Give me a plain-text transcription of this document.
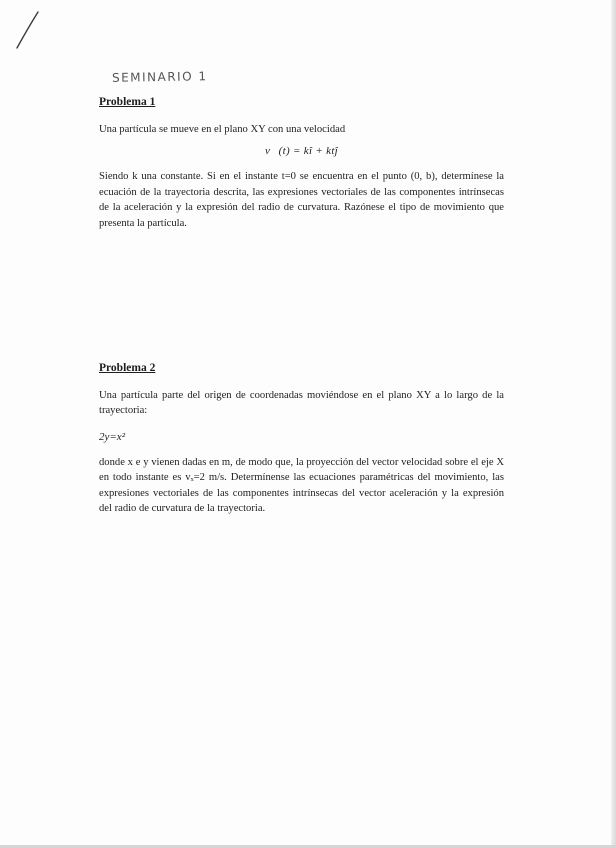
SEMINARIO 1

Problema 1

Una partícula se mueve en el plano XY con una velocidad

v⃗(t) = kî + ktĵ

Siendo k una constante. Si en el instante t=0 se encuentra en el punto (0, b), determínese la ecuación de la trayectoria descrita, las expresiones vectoriales de las componentes intrínsecas de la aceleración y la expresión del radio de curvatura. Razónese el tipo de movimiento que presenta la partícula.

Problema 2

Una partícula parte del origen de coordenadas moviéndose en el plano XY a lo largo de la trayectoria:

2y=x²

donde x e y vienen dadas en m, de modo que, la proyección del vector velocidad sobre el eje X en todo instante es vₓ=2 m/s. Determínense las ecuaciones paramétricas del movimiento, las expresiones vectoriales de las componentes intrínsecas del vector aceleración y la expresión del radio de curvatura de la trayectoria.
